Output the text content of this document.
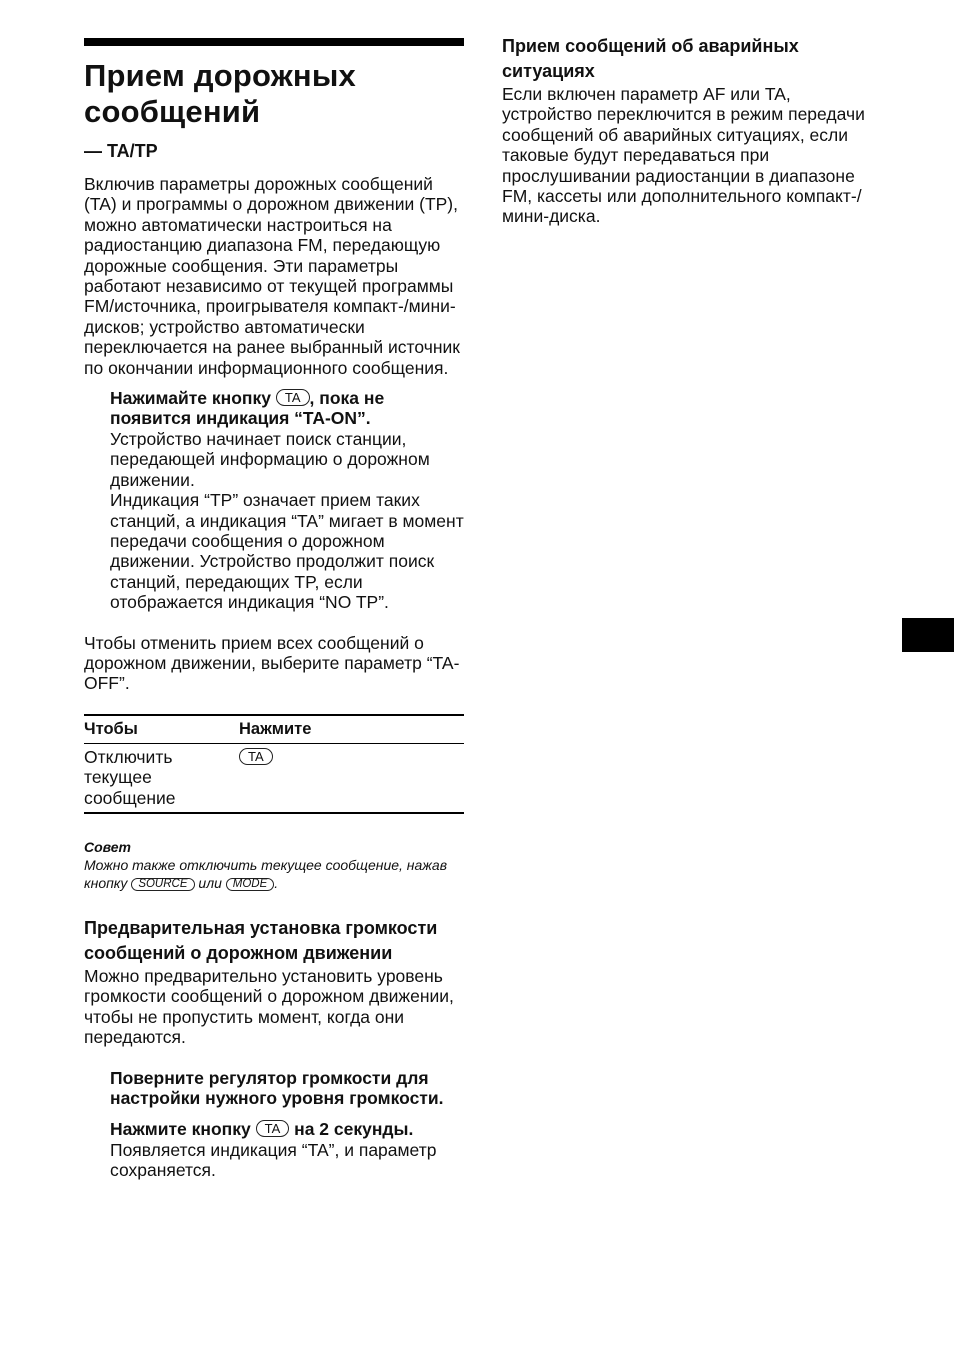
Прием дорожных сообщений
— TA/TP

Включив параметры дорожных сообщений (TA) и программы о дорожном движении (TP), можно автоматически настроиться на радиостанцию диапазона FM, передающую дорожные сообщения. Эти параметры работают независимо от текущей программы FM/источника, проигрывателя компакт-/мини-дисков; устройство автоматически переключается на ранее выбранный источник по окончании информационного сообщения.

Нажимайте кнопку TA , пока не появится индикация “TA-ON”.

Устройство начинает поиск станции, передающей информацию о дорожном движении.

Индикация “TP” означает прием таких станций, а индикация “TA” мигает в момент передачи сообщения о дорожном движении. Устройство продолжит поиск станций, передающих TP, если отображается индикация “NO TP”.

Чтобы отменить прием всех сообщений о дорожном движении, выберите параметр “TA-OFF”.

Чтобы	Нажмите
Отключить текущее сообщение	TA
Совет
Можно также отключить текущее сообщение, нажав кнопку SOURCE или MODE .
Предварительная установка громкости сообщений о дорожном движении

Можно предварительно установить уровень громкости сообщений о дорожном движении, чтобы не пропустить момент, когда они передаются.

Поверните регулятор громкости для настройки нужного уровня громкости.
Нажмите кнопку TA на 2 секунды.

Появляется индикация “TA”, и параметр сохраняется.

Прием сообщений об аварийных ситуациях

Если включен параметр AF или TA, устройство переключится в режим передачи сообщений об аварийных ситуациях, если таковые будут передаваться при прослушивании радиостанции в диапазоне FM, кассеты или дополнительного компакт-/мини-диска.
